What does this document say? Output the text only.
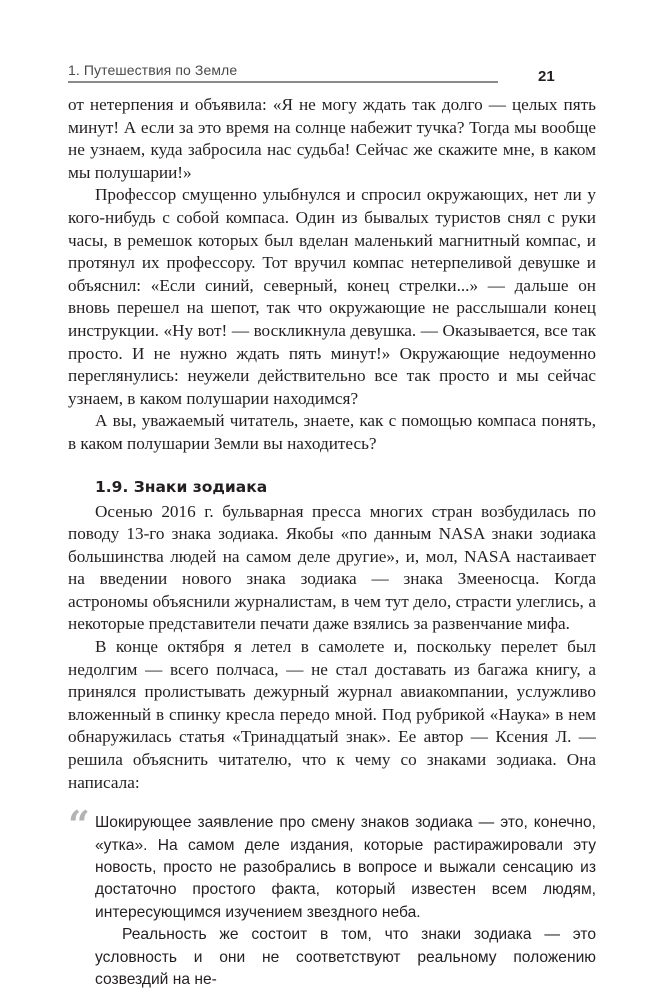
1. Путешествия по Земле	21

от нетерпения и объявила: «Я не могу ждать так долго — целых пять минут! А если за это время на солнце набежит тучка? Тогда мы вообще не узнаем, куда забросила нас судьба! Сейчас же скажите мне, в каком мы полушарии!»

Профессор смущенно улыбнулся и спросил окружающих, нет ли у кого-нибудь с собой компаса. Один из бывалых туристов снял с руки часы, в ремешок которых был вделан маленький магнитный компас, и протянул их профессору. Тот вручил компас нетерпеливой девушке и объяснил: «Если синий, северный, конец стрелки...» — дальше он вновь перешел на шепот, так что окружающие не расслышали конец инструкции. «Ну вот! — воскликнула девушка. — Оказывается, все так просто. И не нужно ждать пять минут!» Окружающие недоуменно переглянулись: неужели действительно все так просто и мы сейчас узнаем, в каком полушарии находимся?

А вы, уважаемый читатель, знаете, как с помощью компаса понять, в каком полушарии Земли вы находитесь?

1.9. Знаки зодиака

Осенью 2016 г. бульварная пресса многих стран возбудилась по поводу 13-го знака зодиака. Якобы «по данным NASA знаки зодиака большинства людей на самом деле другие», и, мол, NASA настаивает на введении нового знака зодиака — знака Змееносца. Когда астрономы объяснили журналистам, в чем тут дело, страсти улеглись, а некоторые представители печати даже взялись за развенчание мифа.

В конце октября я летел в самолете и, поскольку перелет был недолгим — всего полчаса, — не стал доставать из багажа книгу, а принялся пролистывать дежурный журнал авиакомпании, услужливо вложенный в спинку кресла передо мной. Под рубрикой «Наука» в нем обнаружилась статья «Тринадцатый знак». Ее автор — Ксения Л. — решила объяснить читателю, что к чему со знаками зодиака. Она написала:

“ Шокирующее заявление про смену знаков зодиака — это, конечно, «утка». На самом деле издания, которые растиражировали эту новость, просто не разобрались в вопросе и выжали сенсацию из достаточно простого факта, который известен всем людям, интересующимся изучением звездного неба.

Реальность же состоит в том, что знаки зодиака — это условность и они не соответствуют реальному положению созвездий на не-
